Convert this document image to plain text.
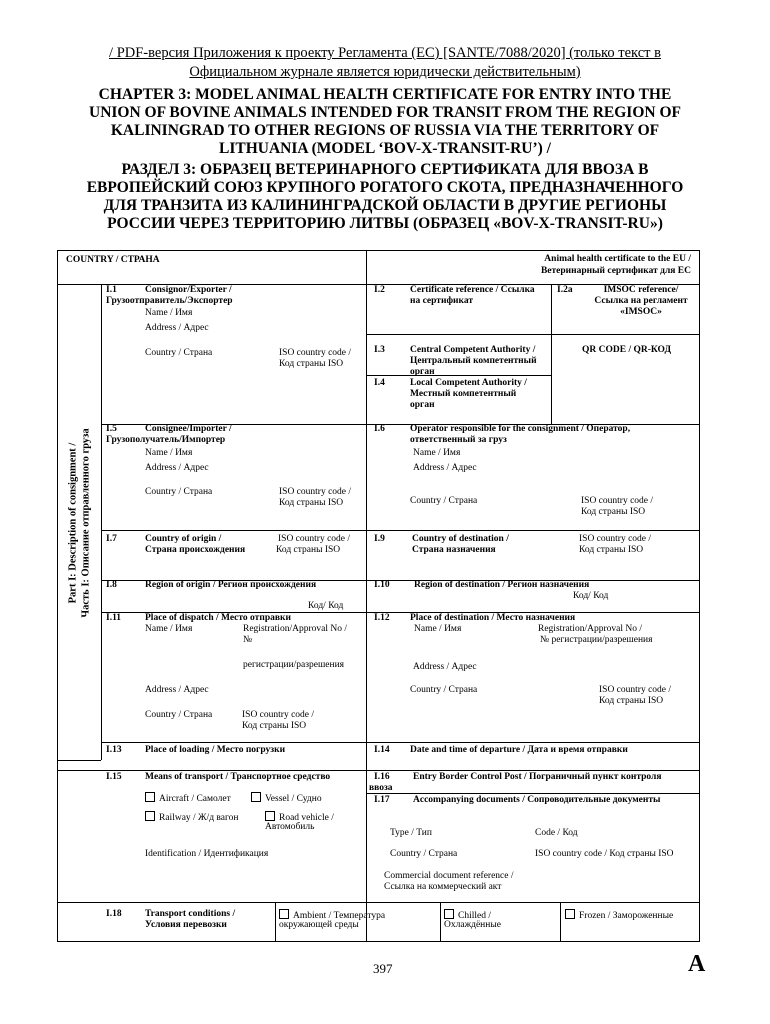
/ PDF-версия Приложения к проекту Регламента (ЕС) [SANTE/7088/2020] (только текст в Официальном журнале является юридически действительным)
CHAPTER 3: MODEL ANIMAL HEALTH CERTIFICATE FOR ENTRY INTO THE UNION OF BOVINE ANIMALS INTENDED FOR TRANSIT FROM THE REGION OF KALININGRAD TO OTHER REGIONS OF RUSSIA VIA THE TERRITORY OF LITHUANIA (MODEL ‘BOV-X-TRANSIT-RU’) /
РАЗДЕЛ 3: ОБРАЗЕЦ ВЕТЕРИНАРНОГО СЕРТИФИКАТА ДЛЯ ВВОЗА В ЕВРОПЕЙСКИЙ СОЮЗ КРУПНОГО РОГАТОГО СКОТА, ПРЕДНАЗНАЧЕННОГО ДЛЯ ТРАНЗИТА ИЗ КАЛИНИНГРАДСКОЙ ОБЛАСТИ В ДРУГИЕ РЕГИОНЫ РОССИИ ЧЕРЕЗ ТЕРРИТОРИЮ ЛИТВЫ (ОБРАЗЕЦ «BOV-X-TRANSIT-RU»)
COUNTRY / СТРАНА	Animal health certificate to the EU /
Ветеринарный сертификат для ЕС
Part I: Description of consignment / Часть I: Описание отправленного груза
I.1	Consignor/Exporter /
Грузоотправитель/Экспортер
Name / Имя
Address / Адрес
Country / Страна	ISO country code /
Код страны ISO
I.2	Certificate reference / Ссылка
на сертификат
I.2a	IMSOC reference/
Ссылка на регламент
«IMSOC»
I.3	Central Competent Authority /
Центральный компетентный
орган
QR CODE / QR-КОД
I.4	Local Competent Authority /
Местный компетентный
орган
I.5	Consignee/Importer /
Грузополучатель/Импортер
Name / Имя
Address / Адрес
Country / Страна	ISO country code /
Код страны ISO
I.6	Operator responsible for the consignment / Оператор,
ответственный за груз
Name / Имя
Address / Адрес
Country / Страна	ISO country code /
Код страны ISO
I.7	Country of origin /
Страна происхождения
ISO country code /
Код страны ISO
I.9	Country of destination /
Страна назначения
ISO country code /
Код страны ISO
I.8	Region of origin / Регион происхождения
Код/ Код
I.10	Region of destination / Регион назначения
Код/ Код
I.11	Place of dispatch / Место отправки
Name / Имя	Registration/Approval No /
№
регистрации/разрешения
Address / Адрес
Country / Страна	ISO country code /
Код страны ISO
I.12 Place of destination / Место назначения
Name / Имя	Registration/Approval No /
№ регистрации/разрешения
Address / Адрес
Country / Страна	ISO country code /
Код страны ISO
I.13 Place of loading / Место погрузки	I.14 Date and time of departure / Дата и время отправки
I.15 Means of transport / Транспортное средство
Aircraft / Самолет	Vessel / Судно
Railway / Ж/д вагон	Road vehicle /
Автомобиль
Identification / Идентификация
I.16 Entry Border Control Post / Пограничный пункт контроля
ввоза
I.17 Accompanying documents / Сопроводительные документы
Type / Тип	Code / Код
Country / Страна	ISO country code / Код страны ISO
Commercial document reference /
Ссылка на коммерческий акт
I.18 Transport conditions /
Условия перевозки
Ambient / Температура
окружающей среды
Chilled /
Охлаждённые
Frozen / Замороженные
397	A
